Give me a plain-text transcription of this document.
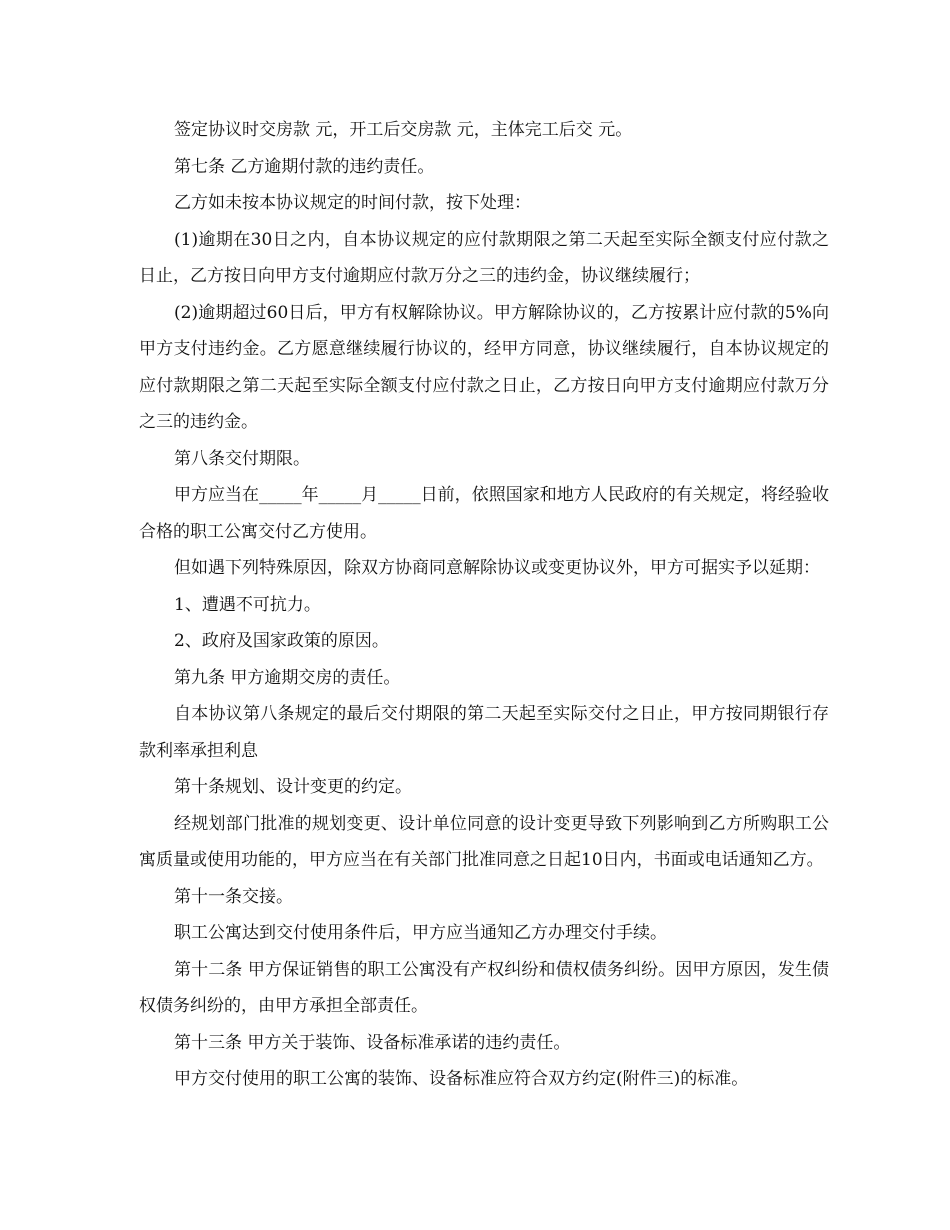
签定协议时交房款 元，开工后交房款 元，主体完工后交 元。

第七条 乙方逾期付款的违约责任。

乙方如未按本协议规定的时间付款，按下处理：

(1)逾期在30日之内，自本协议规定的应付款期限之第二天起至实际全额支付应付款之日止，乙方按日向甲方支付逾期应付款万分之三的违约金，协议继续履行；

(2)逾期超过60日后，甲方有权解除协议。甲方解除协议的，乙方按累计应付款的5%向甲方支付违约金。乙方愿意继续履行协议的，经甲方同意，协议继续履行，自本协议规定的应付款期限之第二天起至实际全额支付应付款之日止，乙方按日向甲方支付逾期应付款万分之三的违约金。

第八条交付期限。

甲方应当在_____年_____月_____日前，依照国家和地方人民政府的有关规定，将经验收合格的职工公寓交付乙方使用。

但如遇下列特殊原因，除双方协商同意解除协议或变更协议外，甲方可据实予以延期：

1、遭遇不可抗力。

2、政府及国家政策的原因。

第九条 甲方逾期交房的责任。

自本协议第八条规定的最后交付期限的第二天起至实际交付之日止，甲方按同期银行存款利率承担利息

第十条规划、设计变更的约定。

经规划部门批准的规划变更、设计单位同意的设计变更导致下列影响到乙方所购职工公寓质量或使用功能的，甲方应当在有关部门批准同意之日起10日内，书面或电话通知乙方。

第十一条交接。

职工公寓达到交付使用条件后，甲方应当通知乙方办理交付手续。

第十二条 甲方保证销售的职工公寓没有产权纠纷和债权债务纠纷。因甲方原因，发生债权债务纠纷的，由甲方承担全部责任。

第十三条 甲方关于装饰、设备标准承诺的违约责任。

甲方交付使用的职工公寓的装饰、设备标准应符合双方约定(附件三)的标准。
